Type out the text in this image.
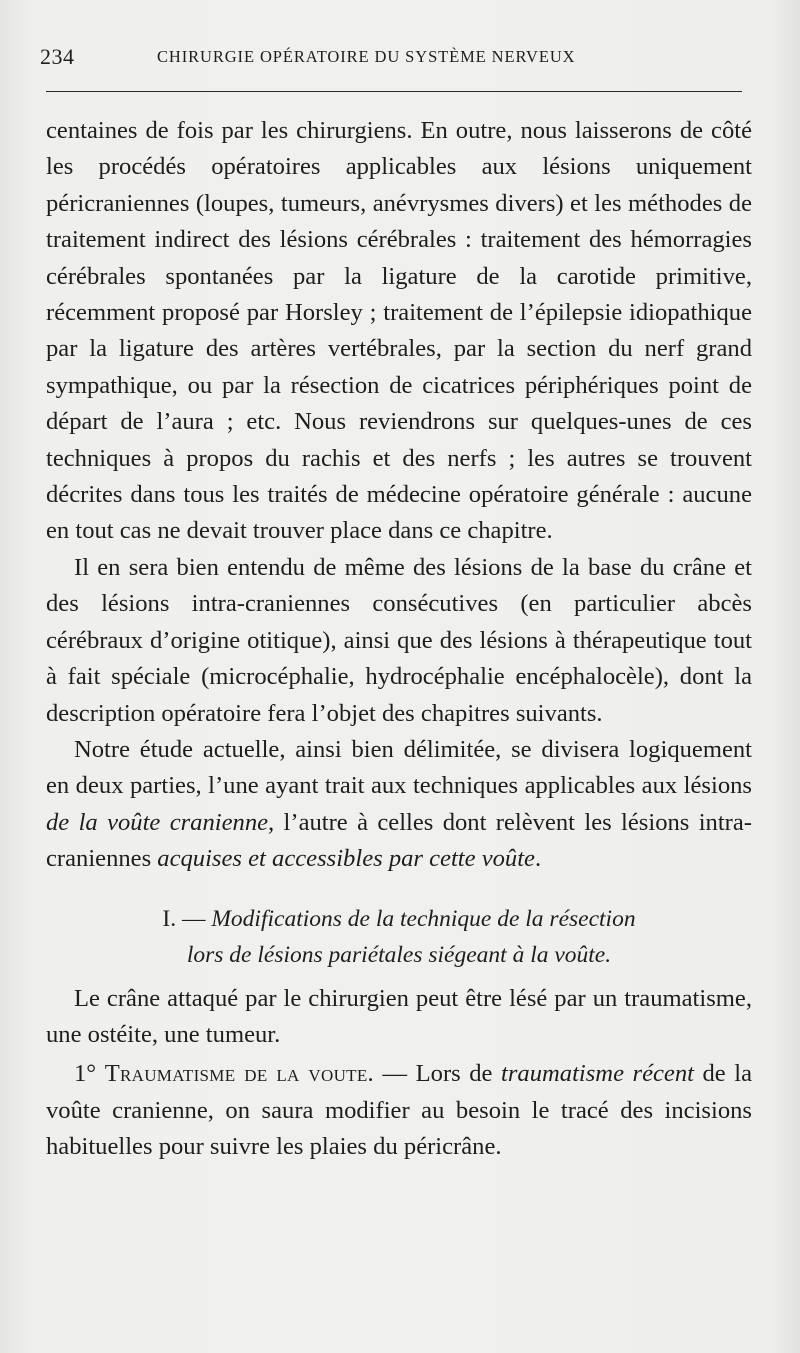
234	CHIRURGIE OPÉRATOIRE DU SYSTÈME NERVEUX

centaines de fois par les chirurgiens. En outre, nous laisserons de côté les procédés opératoires applicables aux lésions uniquement péricraniennes (loupes, tumeurs, anévrysmes divers) et les méthodes de traitement indirect des lésions cérébrales : traitement des hémorragies cérébrales spontanées par la ligature de la carotide primitive, récemment proposé par Horsley ; traitement de l’épilepsie idiopathique par la ligature des artères vertébrales, par la section du nerf grand sympathique, ou par la résection de cicatrices périphériques point de départ de l’aura ; etc. Nous reviendrons sur quelques-unes de ces techniques à propos du rachis et des nerfs ; les autres se trouvent décrites dans tous les traités de médecine opératoire générale : aucune en tout cas ne devait trouver place dans ce chapitre.

Il en sera bien entendu de même des lésions de la base du crâne et des lésions intra-craniennes consécutives (en particulier abcès cérébraux d’origine otitique), ainsi que des lésions à thérapeutique tout à fait spéciale (microcéphalie, hydrocéphalie encéphalocèle), dont la description opératoire fera l’objet des chapitres suivants.

Notre étude actuelle, ainsi bien délimitée, se divisera logiquement en deux parties, l’une ayant trait aux techniques applicables aux lésions de la voûte cranienne, l’autre à celles dont relèvent les lésions intra-craniennes acquises et accessibles par cette voûte.

I. — Modifications de la technique de la résection
lors de lésions pariétales siégeant à la voûte.

Le crâne attaqué par le chirurgien peut être lésé par un traumatisme, une ostéite, une tumeur.

1° Traumatisme de la voute. — Lors de traumatisme récent de la voûte cranienne, on saura modifier au besoin le tracé des incisions habituelles pour suivre les plaies du péricrâne.
